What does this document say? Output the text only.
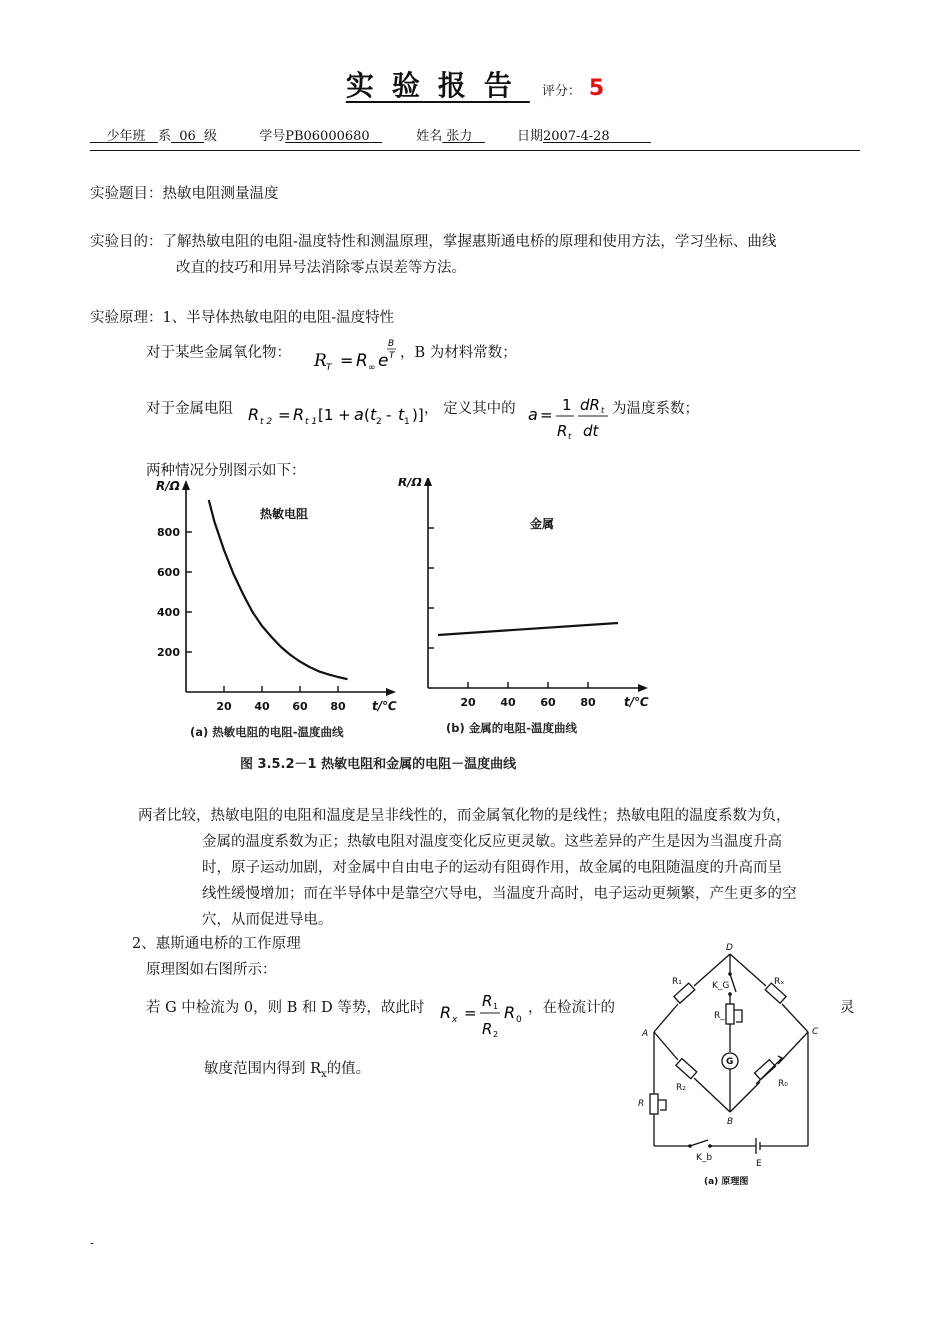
实验报告 评分： 5
少年班 系 06 级	学号PB06000680	姓名 张力	日期2007-4-28
实验题目：热敏电阻测量温度
实验目的：了解热敏电阻的电阻-温度特性和测温原理，掌握惠斯通电桥的原理和使用方法，学习坐标、曲线
改直的技巧和用异号法消除零点误差等方法。
实验原理：1、半导体热敏电阻的电阻-温度特性
对于某些金属氧化物： R T = R ∞ e
B
T ，B 为材料常数；
对于金属电阻 R t 2 = R t 1 [1 + a ( t 2 - t 1 )] ， 定义其中的 a =
1
R t
dR t
dt
为温度系数；
两种情况分别图示如下：
R/Ω
t/℃
200
400
600
800
20 40 60 80
热敏电阻
(a) 热敏电阻的电阻-温度曲线
R/Ω
t/℃
20 40 60 80
金属
(b) 金属的电阻-温度曲线
图 3.5.2－1 热敏电阻和金属的电阻－温度曲线
两者比较，热敏电阻的电阻和温度是呈非线性的，而金属氧化物的是线性；热敏电阻的温度系数为负，
金属的温度系数为正；热敏电阻对温度变化反应更灵敏。这些差异的产生是因为当温度升高
时，原子运动加剧，对金属中自由电子的运动有阻碍作用，故金属的电阻随温度的升高而呈
线性缓慢增加；而在半导体中是靠空穴导电，当温度升高时，电子运动更频繁，产生更多的空
穴，从而促进导电。
2、惠斯通电桥的工作原理
原理图如右图所示：
若 G 中检流为 0，则 B 和 D 等势，故此时 R x =
R 1
R 2
R 0
，在检流计的	灵
敏度范围内得到 $R_x$的值。
D
A	C
B
R₁	Rₓ
R₂	R₀
K_G
R_l
G
R
K_b
E
(a) 原理图
-
